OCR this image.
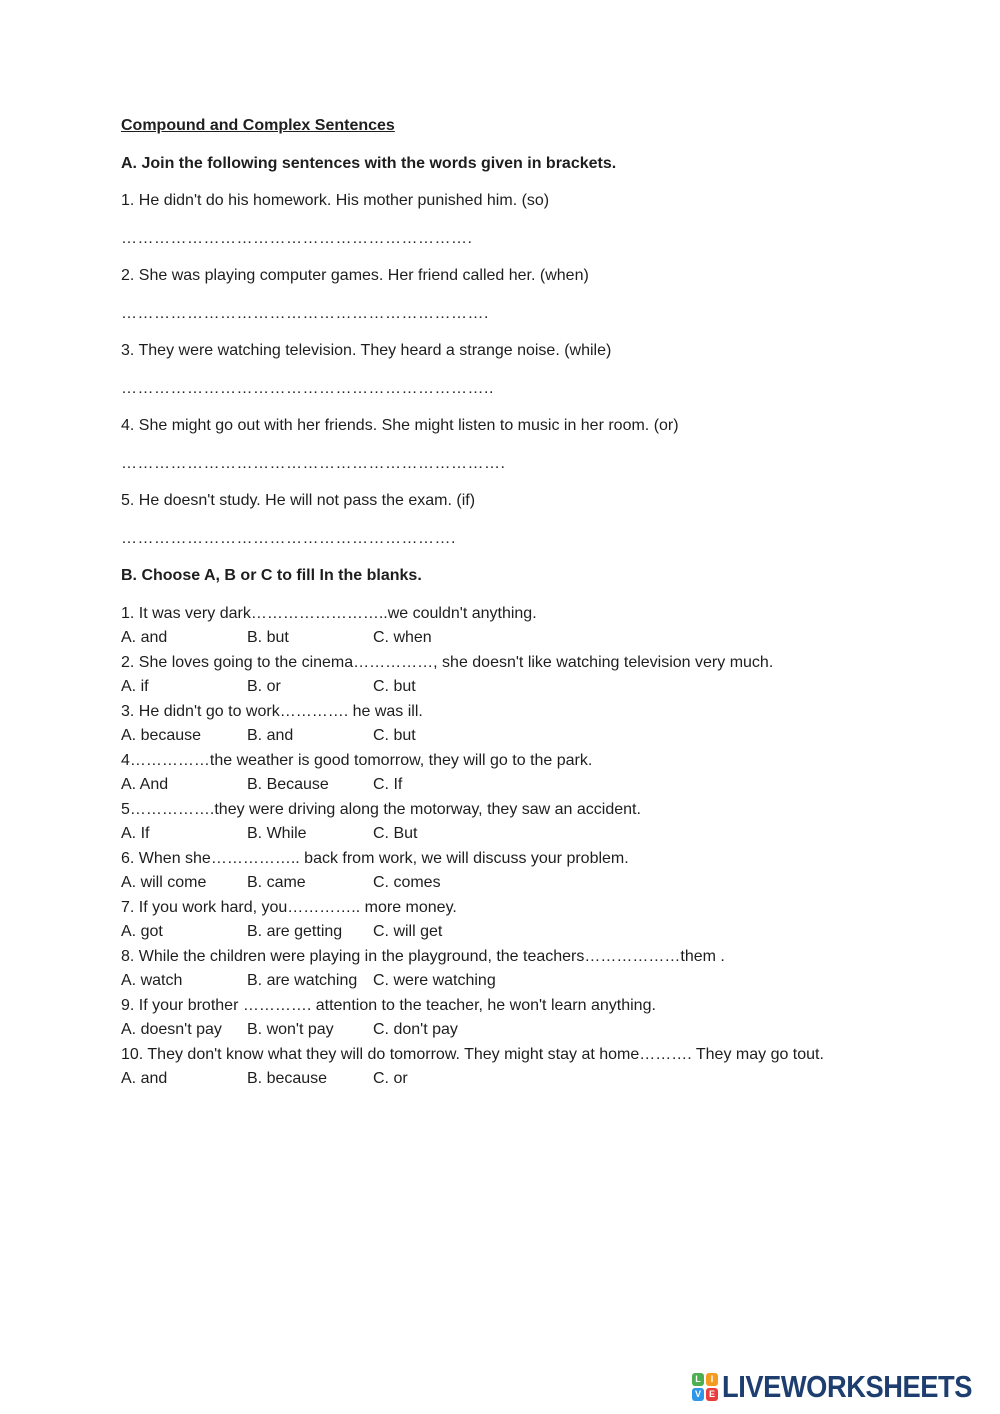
Compound and Complex Sentences

A. Join the following sentences with the words given in brackets.

1. He didn't do his homework. His mother punished him. (so)

……………………………………………………….

2. She was playing computer games. Her friend called her. (when)

………………………………………………………….

3. They were watching television. They heard a strange noise. (while)

…………………………………………………………..

4. She might go out with her friends. She might listen to music in her room. (or)

…………………………………………………………….

5. He doesn't study. He will not pass the exam. (if)

…………………………………………………….

B. Choose A, B or C to fill In the blanks.

1. It was very dark……………………..we couldn't anything.

A. and	B. but	C. when

2. She loves going to the cinema……………, she doesn't like watching television very much.

A. if	B. or	C. but

3. He didn't go to work…………. he was ill.

A. because	B. and	C. but

4……………the weather is good tomorrow, they will go to the park.

A. And	B. Because	C. If

5…………….they were driving along the motorway, they saw an accident.

A. If	B. While	C. But

6. When she…………….. back from work, we will discuss your problem.

A. will come	B. came	C. comes

7. If you work hard, you………….. more money.

A. got	B. are getting C. will get

8. While the children were playing in the playground, the teachers………………them .

A. watch	B. are watching C. were watching

9. If your brother …………. attention to the teacher, he won't learn anything.

A. doesn't pay B. won't pay C. don't pay

10. They don't know what they will do tomorrow. They might stay at home………. They may go tout.

A. and	B. because	C. or

L	I
V E LIVEWORKSHEETS
